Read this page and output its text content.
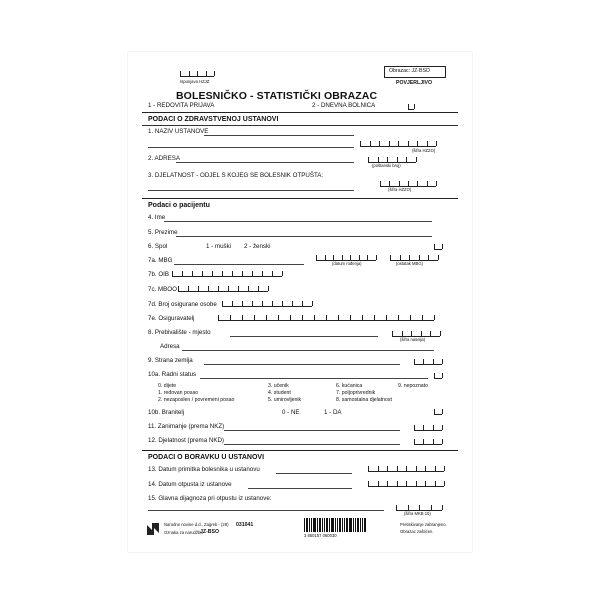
Ispunjava HZJZ
Obrazac: JZ-BSO
POVJERLJIVO
BOLESNIČKO - STATISTIČKI OBRAZAC
1 - REDOVITA PRIJAVA	2 - DNEVNA BOLNICA
PODACI O ZDRAVSTVENOJ USTANOVI
1. NAZIV USTANOVE
(šifra HZZO)
2. ADRESA
(poštanski broj)
3. DJELATNOST - ODJEL S KOJEG SE BOLESNIK OTPUŠTA:
(šifra HZZO)
Podaci o pacijentu
4. Ime
5. Prezime
6. Spol	1 - muški 2 - ženski
7a. MBG	(datum rođenja)	(ostatak MBG)
7b. OIB
7c. MBOO
7d. Broj osigurane osobe
7e. Osiguravatelj
8. Prebivalište - mjesto
(šifra naselja)
Adresa
9. Strana zemlja
10a. Radni status
0. dijete
1. redovan posao
2. nezaposlen / povremeni posao
3. učenik
4. student
5. umirovljenik
6. kućanica
7. poljoprivrednik
8. samostalna djelatnost
9. nepoznato
10b. Branitelj	0 - NE	1 - DA
11. Zanimanje (prema NKZ)
12. Djelatnost (prema NKD)
PODACI O BORAVKU U USTANOVI
13. Datum primitka bolesnika u ustanovu
14. Datum otpusta iz ustanove
15. Glavna dijagnoza pri otpustu iz ustanove:
(šifra MKB 10)
Narodne novine d.d., Zagreb - (28) 031041
Oznaka za narudžbu
JZ-BSO
3 850157 060030
Pretiskivanje zabranjeno.
Obrazac zaštićen.
